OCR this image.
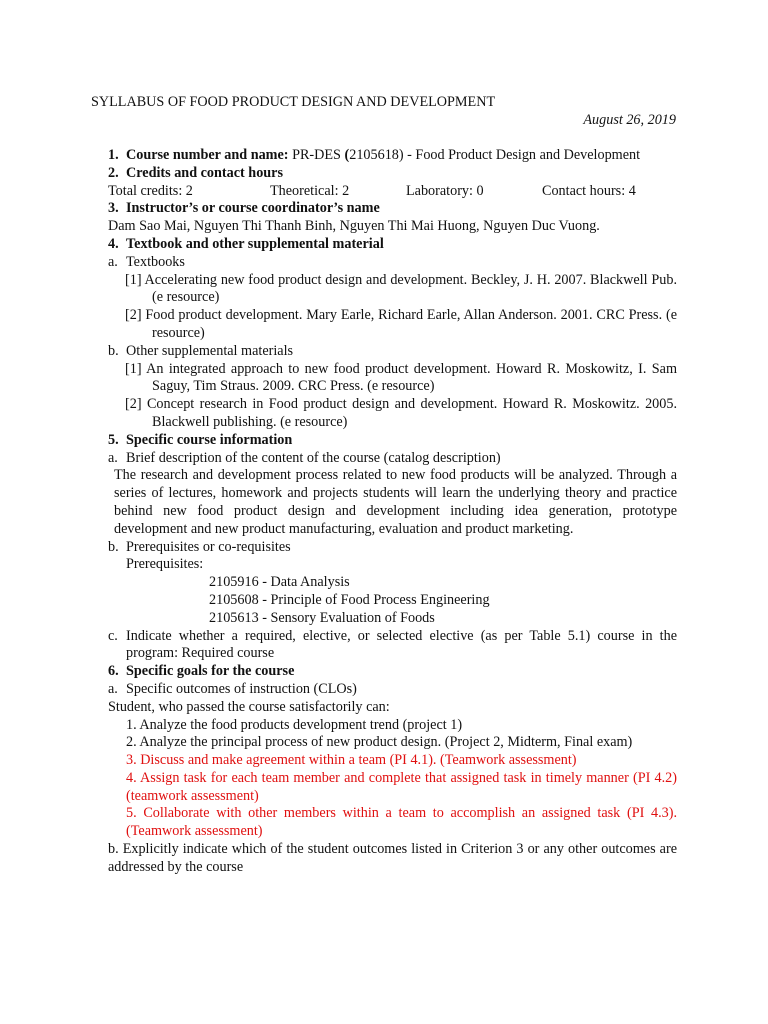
SYLLABUS OF FOOD PRODUCT DESIGN AND DEVELOPMENT
August 26, 2019
1. Course number and name: PR-DES (2105618) - Food Product Design and Development
2. Credits and contact hours
Total credits: 2	Theoretical: 2	Laboratory: 0	Contact hours: 4
3. Instructor’s or course coordinator’s name
Dam Sao Mai, Nguyen Thi Thanh Binh, Nguyen Thi Mai Huong, Nguyen Duc Vuong.
4. Textbook and other supplemental material
a. Textbooks
[1] Accelerating new food product design and development. Beckley, J. H. 2007. Blackwell Pub. (e resource)
[2] Food product development. Mary Earle, Richard Earle, Allan Anderson. 2001. CRC Press. (e resource)
b. Other supplemental materials
[1] An integrated approach to new food product development. Howard R. Moskowitz, I. Sam Saguy, Tim Straus. 2009. CRC Press. (e resource)
[2] Concept research in Food product design and development. Howard R. Moskowitz. 2005. Blackwell publishing. (e resource)
5. Specific course information
a. Brief description of the content of the course (catalog description)
The research and development process related to new food products will be analyzed. Through a series of lectures, homework and projects students will learn the underlying theory and practice behind new food product design and development including idea generation, prototype development and new product manufacturing, evaluation and product marketing.
b. Prerequisites or co-requisites
Prerequisites:
2105916 - Data Analysis
2105608 - Principle of Food Process Engineering
2105613 - Sensory Evaluation of Foods
c. Indicate whether a required, elective, or selected elective (as per Table 5.1) course in the program: Required course
6. Specific goals for the course
a. Specific outcomes of instruction (CLOs)
Student, who passed the course satisfactorily can:
1. Analyze the food products development trend (project 1)
2. Analyze the principal process of new product design. (Project 2, Midterm, Final exam)
3. Discuss and make agreement within a team (PI 4.1). (Teamwork assessment)
4. Assign task for each team member and complete that assigned task in timely manner (PI 4.2) (teamwork assessment)
5. Collaborate with other members within a team to accomplish an assigned task (PI 4.3). (Teamwork assessment)
b. Explicitly indicate which of the student outcomes listed in Criterion 3 or any other outcomes are addressed by the course
